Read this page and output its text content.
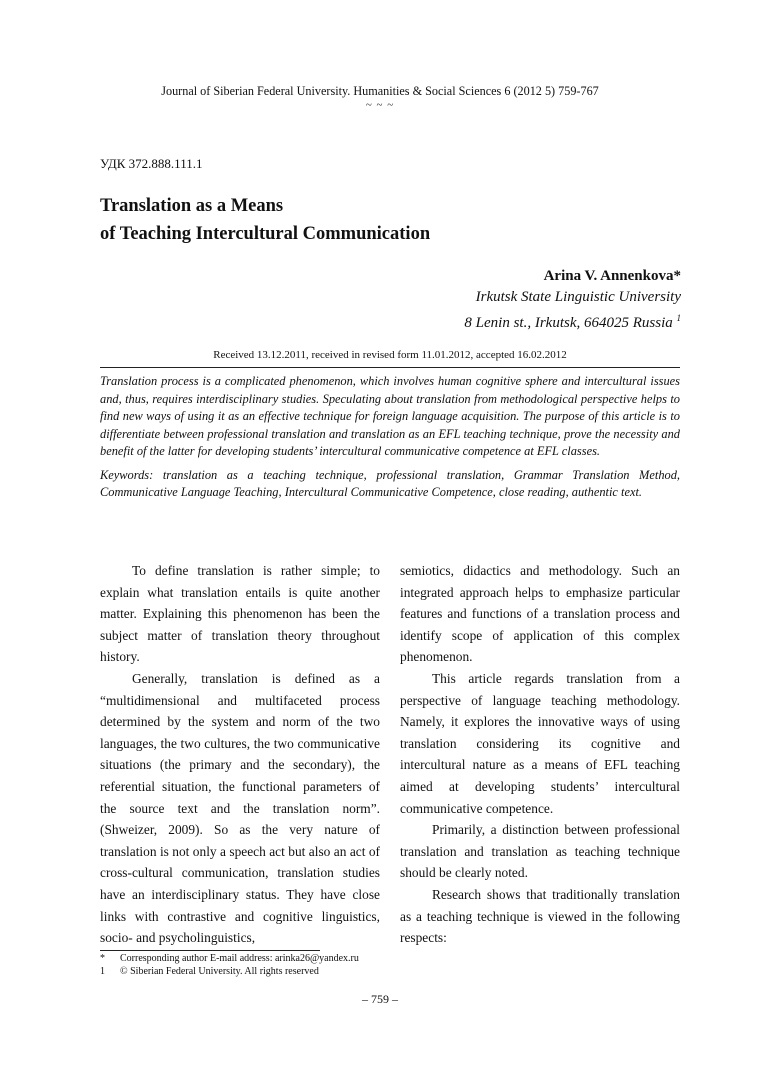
Journal of Siberian Federal University. Humanities & Social Sciences 6 (2012 5) 759-767
~ ~ ~
УДК 372.888.111.1
Translation as a Means
of Teaching Intercultural Communication
Arina V. Annenkova*
Irkutsk State Linguistic University
8 Lenin st., Irkutsk, 664025 Russia $^1$
Received 13.12.2011, received in revised form 11.01.2012, accepted 16.02.2012

Translation process is a complicated phenomenon, which involves human cognitive sphere and intercultural issues and, thus, requires interdisciplinary studies. Speculating about translation from methodological perspective helps to find new ways of using it as an effective technique for foreign language acquisition. The purpose of this article is to differentiate between professional translation and translation as an EFL teaching technique, prove the necessity and benefit of the latter for developing students’ intercultural communicative competence at EFL classes.

Keywords: translation as a teaching technique, professional translation, Grammar Translation Method, Communicative Language Teaching, Intercultural Communicative Competence, close reading, authentic text.

To define translation is rather simple; to explain what translation entails is quite another matter. Explaining this phenomenon has been the subject matter of translation theory throughout history.

Generally, translation is defined as a “multidimensional and multifaceted process determined by the system and norm of the two languages, the two cultures, the two communicative situations (the primary and the secondary), the referential situation, the functional parameters of the source text and the translation norm”. (Shweizer, 2009). So as the very nature of translation is not only a speech act but also an act of cross-cultural communication, translation studies have an interdisciplinary status. They have close links with contrastive and cognitive linguistics, socio- and psycholinguistics,

semiotics, didactics and methodology. Such an integrated approach helps to emphasize particular features and functions of a translation process and identify scope of application of this complex phenomenon.

This article regards translation from a perspective of language teaching methodology. Namely, it explores the innovative ways of using translation considering its cognitive and intercultural nature as a means of EFL teaching aimed at developing students’ intercultural communicative competence.

Primarily, a distinction between professional translation and translation as teaching technique should be clearly noted.

Research shows that traditionally translation as a teaching technique is viewed in the following respects:

* Corresponding author E-mail address: arinka26@yandex.ru
1 © Siberian Federal University. All rights reserved
– 759 –
